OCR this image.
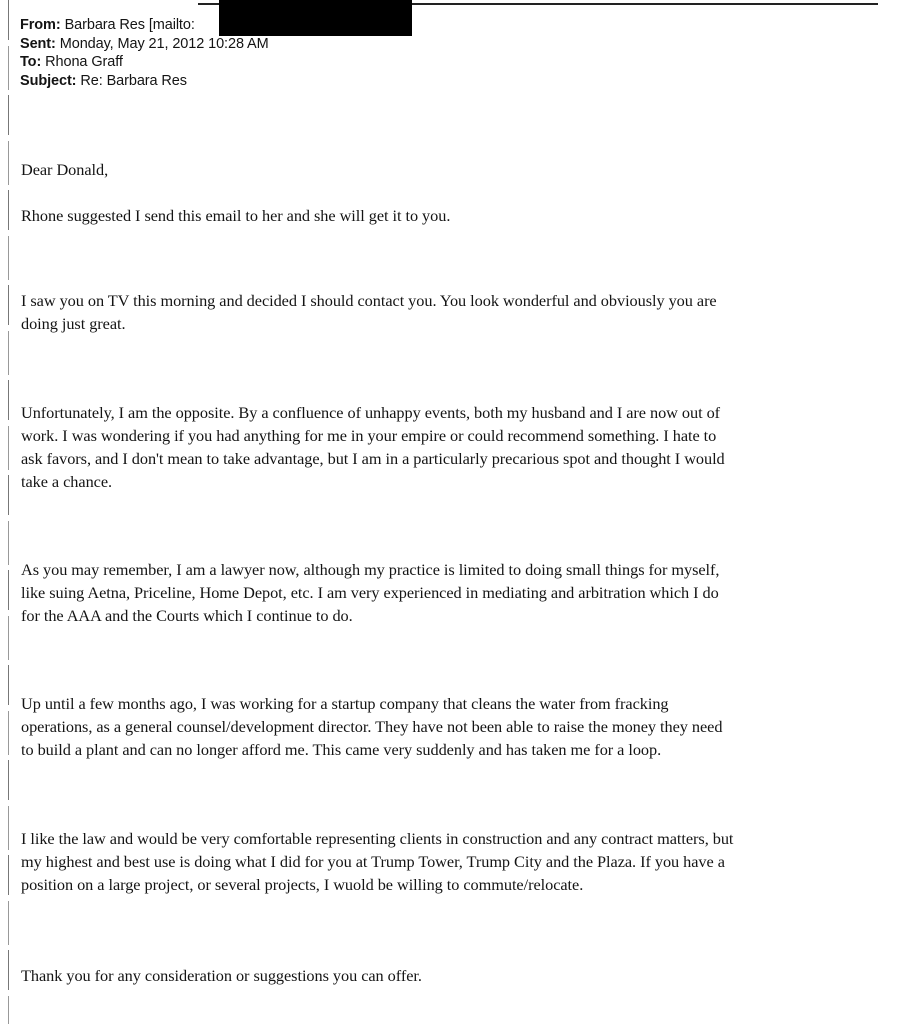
From: Barbara Res [mailto:
Sent: Monday, May 21, 2012 10:28 AM
To: Rhona Graff
Subject: Re: Barbara Res

Dear Donald,

Rhone suggested I send this email to her and she will get it to you.

I saw you on TV this morning and decided I should contact you. You look wonderful and obviously you are
doing just great.

Unfortunately, I am the opposite. By a confluence of unhappy events, both my husband and I are now out of
work. I was wondering if you had anything for me in your empire or could recommend something. I hate to
ask favors, and I don't mean to take advantage, but I am in a particularly precarious spot and thought I would
take a chance.

As you may remember, I am a lawyer now, although my practice is limited to doing small things for myself,
like suing Aetna, Priceline, Home Depot, etc. I am very experienced in mediating and arbitration which I do
for the AAA and the Courts which I continue to do.

Up until a few months ago, I was working for a startup company that cleans the water from fracking
operations, as a general counsel/development director. They have not been able to raise the money they need
to build a plant and can no longer afford me. This came very suddenly and has taken me for a loop.

I like the law and would be very comfortable representing clients in construction and any contract matters, but
my highest and best use is doing what I did for you at Trump Tower, Trump City and the Plaza. If you have a
position on a large project, or several projects, I wuold be willing to commute/relocate.

Thank you for any consideration or suggestions you can offer.
